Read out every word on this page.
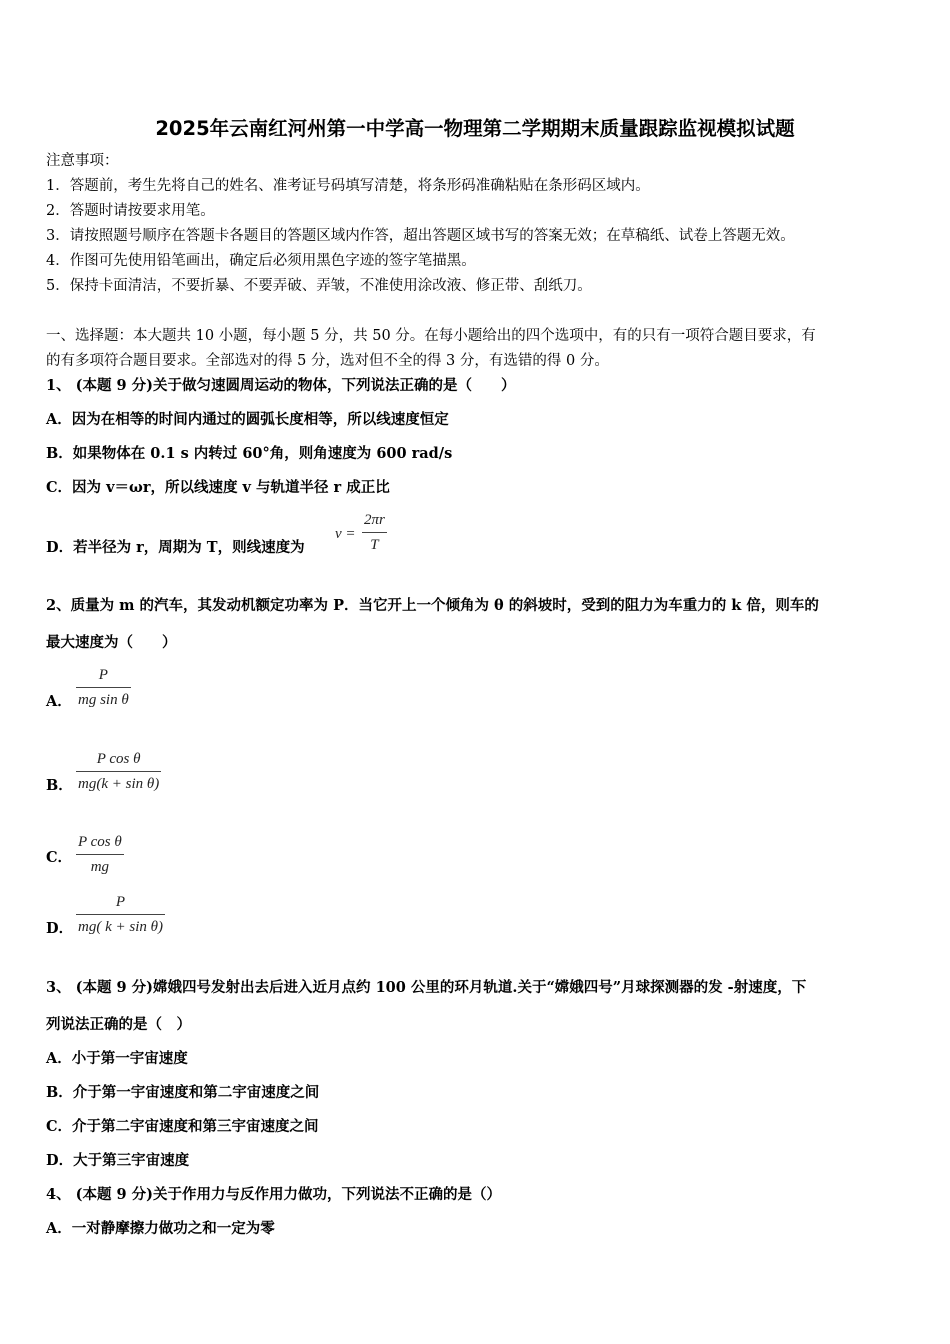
2025年云南红河州第一中学高一物理第二学期期末质量跟踪监视模拟试题
注意事项：
1．答题前，考生先将自己的姓名、准考证号码填写清楚，将条形码准确粘贴在条形码区域内。
2．答题时请按要求用笔。
3．请按照题号顺序在答题卡各题目的答题区域内作答，超出答题区域书写的答案无效；在草稿纸、试卷上答题无效。
4．作图可先使用铅笔画出，确定后必须用黑色字迹的签字笔描黑。
5．保持卡面清洁，不要折暴、不要弄破、弄皱，不准使用涂改液、修正带、刮纸刀。
一、选择题：本大题共 10 小题，每小题 5 分，共 50 分。在每小题给出的四个选项中，有的只有一项符合题目要求，有
的有多项符合题目要求。全部选对的得 5 分，选对但不全的得 3 分，有选错的得 0 分。
1、 (本题 9 分)关于做匀速圆周运动的物体，下列说法正确的是（　　）
A．因为在相等的时间内通过的圆弧长度相等，所以线速度恒定
B．如果物体在 0.1 s 内转过 60°角，则角速度为 600 rad/s
C．因为 v＝ωr，所以线速度 v 与轨道半径 r 成正比
D．若半径为 r，周期为 T，则线速度为
v =
2πr
T
2、质量为 m 的汽车，其发动机额定功率为 P．当它开上一个倾角为 θ 的斜坡时，受到的阻力为车重力的 k 倍，则车的
最大速度为（　　）
A．
P
mg sin θ
B．
P cos θ
mg(k + sin θ)
C．
P cos θ
mg
D．
P
mg( k + sin θ)
3、 (本题 9 分)嫦娥四号发射出去后进入近月点约 100 公里的环月轨道.关于“嫦娥四号”月球探测器的发 -射速度，下
列说法正确的是（　）
A．小于第一宇宙速度
B．介于第一宇宙速度和第二宇宙速度之间
C．介于第二宇宙速度和第三宇宙速度之间
D．大于第三宇宙速度
4、 (本题 9 分)关于作用力与反作用力做功，下列说法不正确的是（）
A．一对静摩擦力做功之和一定为零
